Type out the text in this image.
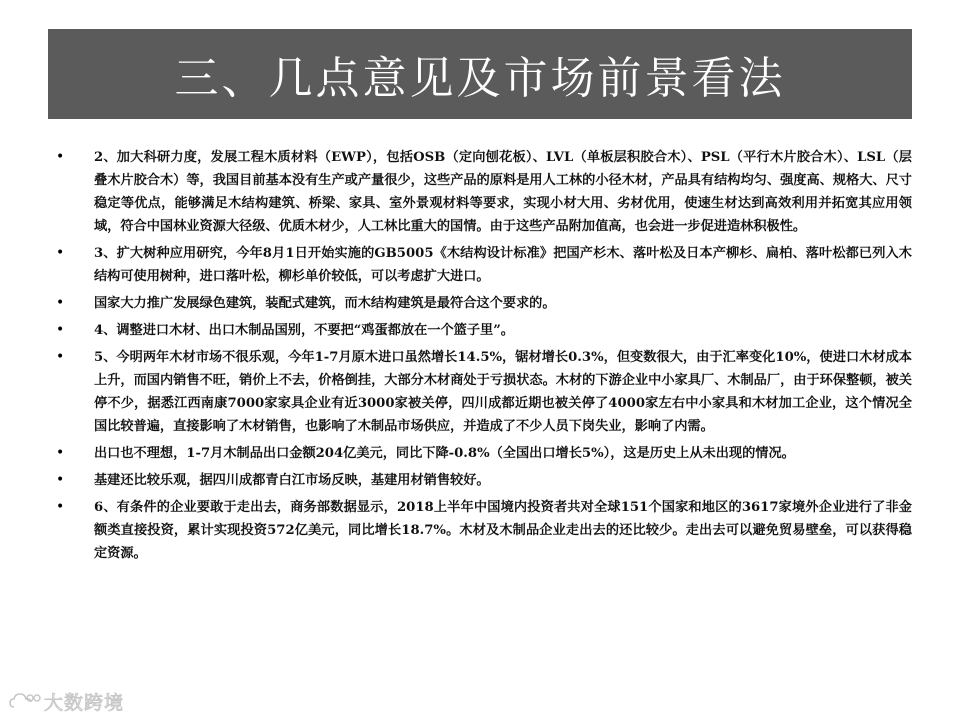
三、几点意见及市场前景看法
•	2、加大科研力度，发展工程木质材料（EWP），包括OSB（定向刨花板）、LVL（单板层积胶合木）、PSL（平行木片胶合木）、LSL（层叠木片胶合木）等，我国目前基本没有生产或产量很少，这些产品的原料是用人工林的小径木材，产品具有结构均匀、强度高、规格大、尺寸稳定等优点，能够满足木结构建筑、桥梁、家具、室外景观材料等要求，实现小材大用、劣材优用，使速生材达到高效利用并拓宽其应用领域，符合中国林业资源大径级、优质木材少，人工林比重大的国情。由于这些产品附加值高，也会进一步促进造林积极性。
•	3、扩大树种应用研究，今年8月1日开始实施的GB5005《木结构设计标准》把国产杉木、落叶松及日本产柳杉、扁柏、落叶松都已列入木结构可使用树种，进口落叶松，柳杉单价较低，可以考虑扩大进口。
•	国家大力推广发展绿色建筑，装配式建筑，而木结构建筑是最符合这个要求的。
•	4、调整进口木材、出口木制品国别，不要把“鸡蛋都放在一个篮子里”。
•	5、今明两年木材市场不很乐观，今年1-7月原木进口虽然增长14.5%，锯材增长0.3%，但变数很大，由于汇率变化10%，使进口木材成本上升，而国内销售不旺，销价上不去，价格倒挂，大部分木材商处于亏损状态。木材的下游企业中小家具厂、木制品厂，由于环保整顿，被关停不少，据悉江西南康7000家家具企业有近3000家被关停，四川成都近期也被关停了4000家左右中小家具和木材加工企业，这个情况全国比较普遍，直接影响了木材销售，也影响了木制品市场供应，并造成了不少人员下岗失业，影响了内需。
•	出口也不理想，1-7月木制品出口金额204亿美元，同比下降-0.8%（全国出口增长5%），这是历史上从未出现的情况。
•	基建还比较乐观，据四川成都青白江市场反映，基建用材销售较好。
•	6、有条件的企业要敢于走出去，商务部数据显示，2018上半年中国境内投资者共对全球151个国家和地区的3617家境外企业进行了非金额类直接投资，累计实现投资572亿美元，同比增长18.7%。木材及木制品企业走出去的还比较少。走出去可以避免贸易壁垒，可以获得稳定资源。
大数跨境
